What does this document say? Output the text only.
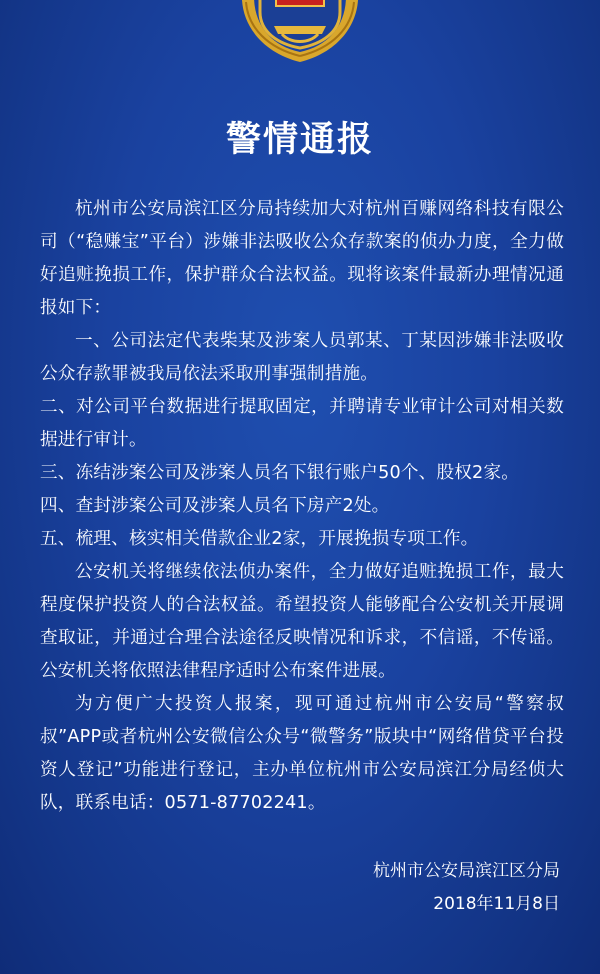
警情通报

杭州市公安局滨江区分局持续加大对杭州百赚网络科技有限公司（“稳赚宝”平台）涉嫌非法吸收公众存款案的侦办力度，全力做好追赃挽损工作，保护群众合法权益。现将该案件最新办理情况通报如下：

一、公司法定代表柴某及涉案人员郭某、丁某因涉嫌非法吸收公众存款罪被我局依法采取刑事强制措施。

二、对公司平台数据进行提取固定，并聘请专业审计公司对相关数据进行审计。

三、冻结涉案公司及涉案人员名下银行账户50个、股权2家。

四、查封涉案公司及涉案人员名下房产2处。

五、梳理、核实相关借款企业2家，开展挽损专项工作。

公安机关将继续依法侦办案件，全力做好追赃挽损工作，最大程度保护投资人的合法权益。希望投资人能够配合公安机关开展调查取证，并通过合理合法途径反映情况和诉求，不信谣，不传谣。公安机关将依照法律程序适时公布案件进展。

为方便广大投资人报案，现可通过杭州市公安局“警察叔叔”APP或者杭州公安微信公众号“微警务”版块中“网络借贷平台投资人登记”功能进行登记，主办单位杭州市公安局滨江分局经侦大队，联系电话：0571-87702241。

杭州市公安局滨江区分局
2018年11月8日
